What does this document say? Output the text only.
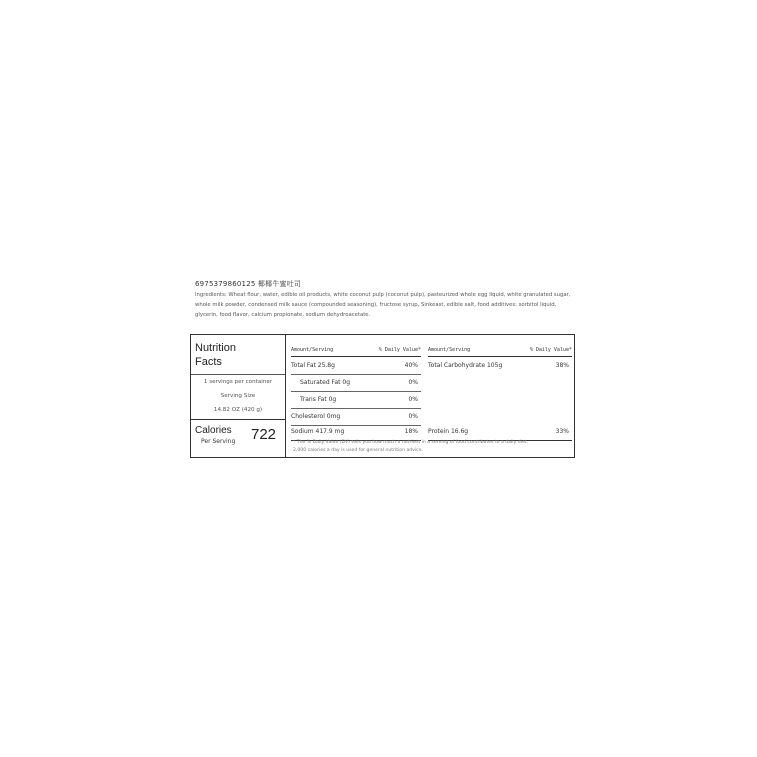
6975379860125 椰椰牛蜜吐司
Ingredients: Wheat flour, water, edible oil products, white coconut pulp (coconut pulp), pasteurized whole egg liquid, white granulated sugar, whole milk powder, condensed milk sauce (compounded seasoning), fructose syrup, Sinkeast, edible salt, food additives: sorbitol liquid, glycerin, food flavor, calcium propionate, sodium dehydroacetate.
Nutrition
Facts
1 servings per container
Serving Size
14.82 OZ (420 g)
Calories
Per Serving 722
Amount/Serving	% Daily Value*
Total Fat 25.8g	40%
Saturated Fat 0g	0%
Trans Fat 0g	0%
Cholesterol 0mg	0%
Sodium 417.9 mg	18%
Amount/Serving	% Daily Value*
Total Carbohydrate 105g	38%
Protein 16.6g	33%
* The % Daily Value (DV) tells you how much a nutrient in a serving of food contributes to a daily diet.
2,000 calories a day is used for general nutrition advice.
